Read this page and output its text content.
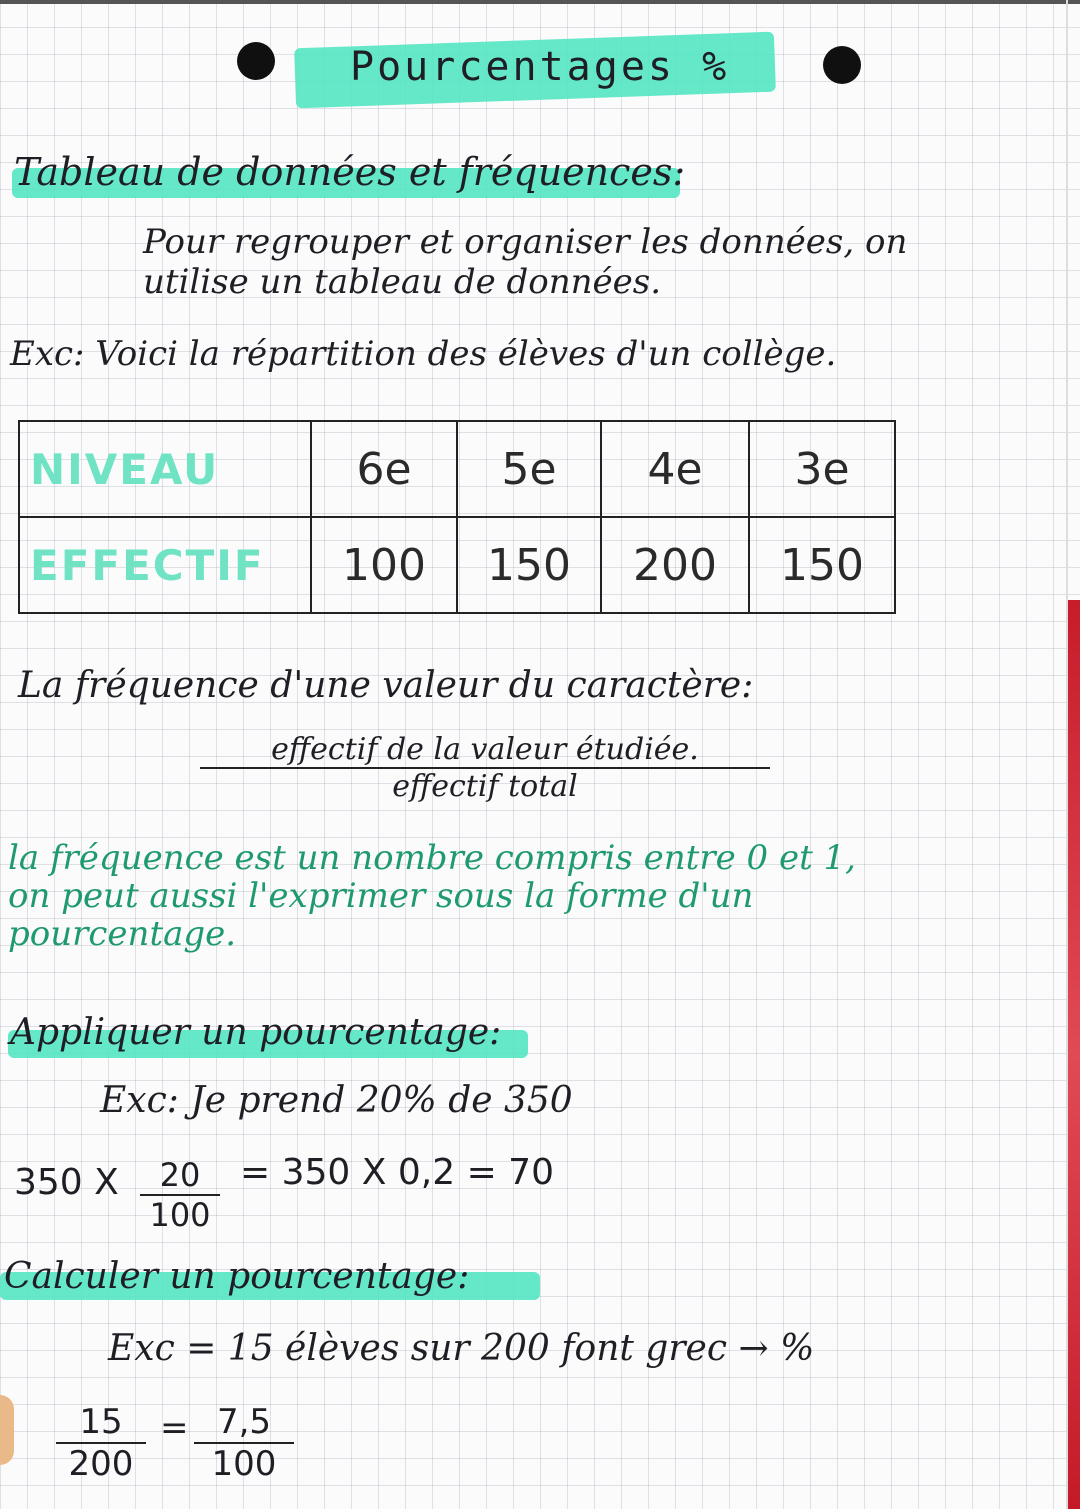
Pourcentages %
Tableau de données et fréquences:
Pour regrouper et organiser les données, on
utilise un tableau de données.
Exc: Voici la répartition des élèves d'un collège.
NIVEAU	6e	5e	4e	3e
EFFECTIF	100	150	200	150
La fréquence d'une valeur du caractère:
effectif de la valeur étudiée.
effectif total
la fréquence est un nombre compris entre 0 et 1,
on peut aussi l'exprimer sous la forme d'un
pourcentage.
Appliquer un pourcentage:
Exc: Je prend 20% de 350
350 X $\frac{20}{100} = 350$ X 0,2 = 70
Calculer un pourcentage:
Exc = 15 élèves sur 200 font grec → %
$\frac{15}{200} = \frac{7,5}{100}$
